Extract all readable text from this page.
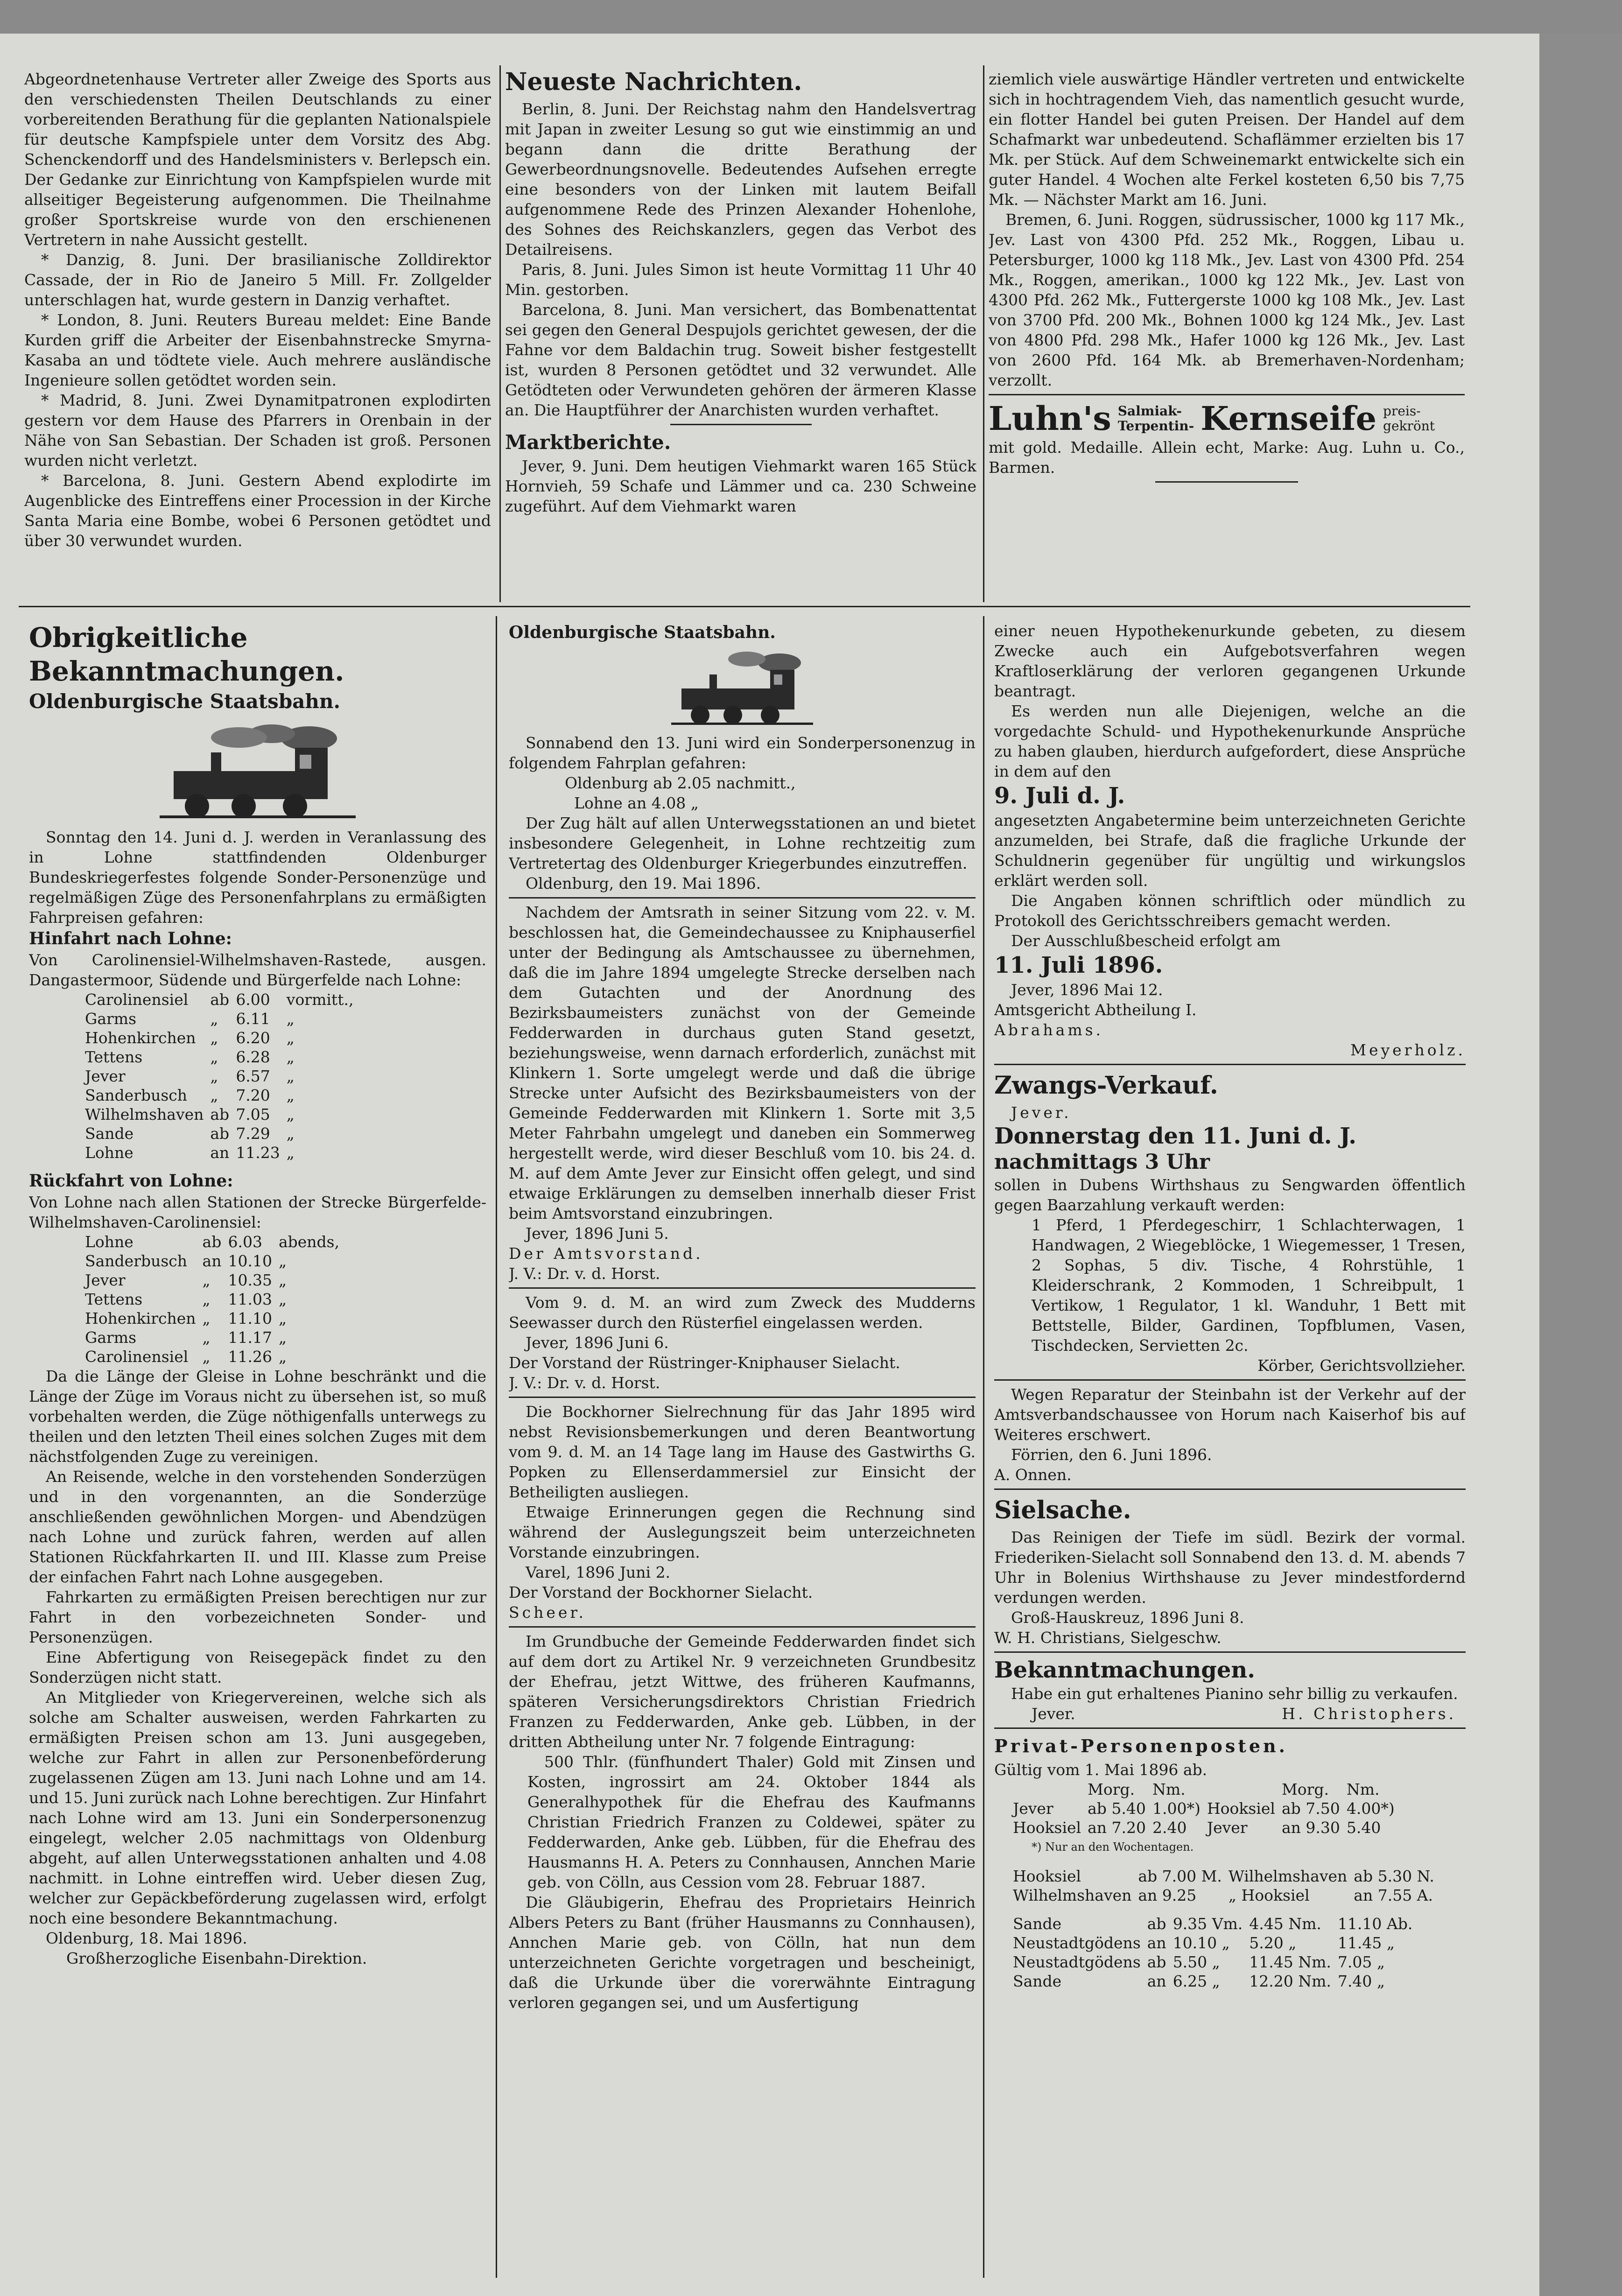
Abgeordnetenhause Vertreter aller Zweige des Sports aus den verschiedensten Theilen Deutschlands zu einer vorbereitenden Berathung für die geplanten Nationalspiele für deutsche Kampfspiele unter dem Vorsitz des Abg. Schenckendorff und des Handelsministers v. Berlepsch ein. Der Gedanke zur Einrichtung von Kampfspielen wurde mit allseitiger Begeisterung aufgenommen. Die Theilnahme großer Sportskreise wurde von den erschienenen Vertretern in nahe Aussicht gestellt.

* Danzig, 8. Juni. Der brasilianische Zolldirektor Cassade, der in Rio de Janeiro 5 Mill. Fr. Zollgelder unterschlagen hat, wurde gestern in Danzig verhaftet.

* London, 8. Juni. Reuters Bureau meldet: Eine Bande Kurden griff die Arbeiter der Eisenbahnstrecke Smyrna-Kasaba an und tödtete viele. Auch mehrere ausländische Ingenieure sollen getödtet worden sein.

* Madrid, 8. Juni. Zwei Dynamitpatronen explodirten gestern vor dem Hause des Pfarrers in Orenbain in der Nähe von San Sebastian. Der Schaden ist groß. Personen wurden nicht verletzt.

* Barcelona, 8. Juni. Gestern Abend explodirte im Augenblicke des Eintreffens einer Procession in der Kirche Santa Maria eine Bombe, wobei 6 Personen getödtet und über 30 verwundet wurden.

Neueste Nachrichten.

Berlin, 8. Juni. Der Reichstag nahm den Handelsvertrag mit Japan in zweiter Lesung so gut wie einstimmig an und begann dann die dritte Berathung der Gewerbeordnungsnovelle. Bedeutendes Aufsehen erregte eine besonders von der Linken mit lautem Beifall aufgenommene Rede des Prinzen Alexander Hohenlohe, des Sohnes des Reichskanzlers, gegen das Verbot des Detailreisens.

Paris, 8. Juni. Jules Simon ist heute Vormittag 11 Uhr 40 Min. gestorben.

Barcelona, 8. Juni. Man versichert, das Bombenattentat sei gegen den General Despujols gerichtet gewesen, der die Fahne vor dem Baldachin trug. Soweit bisher festgestellt ist, wurden 8 Personen getödtet und 32 verwundet. Alle Getödteten oder Verwundeten gehören der ärmeren Klasse an. Die Hauptführer der Anarchisten wurden verhaftet.

Marktberichte.

Jever, 9. Juni. Dem heutigen Viehmarkt waren 165 Stück Hornvieh, 59 Schafe und Lämmer und ca. 230 Schweine zugeführt. Auf dem Viehmarkt waren

ziemlich viele auswärtige Händler vertreten und entwickelte sich in hochtragendem Vieh, das namentlich gesucht wurde, ein flotter Handel bei guten Preisen. Der Handel auf dem Schafmarkt war unbedeutend. Schaflämmer erzielten bis 17 Mk. per Stück. Auf dem Schweinemarkt entwickelte sich ein guter Handel. 4 Wochen alte Ferkel kosteten 6,50 bis 7,75 Mk. — Nächster Markt am 16. Juni.

Bremen, 6. Juni. Roggen, südrussischer, 1000 kg 117 Mk., Jev. Last von 4300 Pfd. 252 Mk., Roggen, Libau u. Petersburger, 1000 kg 118 Mk., Jev. Last von 4300 Pfd. 254 Mk., Roggen, amerikan., 1000 kg 122 Mk., Jev. Last von 4300 Pfd. 262 Mk., Futtergerste 1000 kg 108 Mk., Jev. Last von 3700 Pfd. 200 Mk., Bohnen 1000 kg 124 Mk., Jev. Last von 4800 Pfd. 298 Mk., Hafer 1000 kg 126 Mk., Jev. Last von 2600 Pfd. 164 Mk. ab Bremerhaven-Nordenham; verzollt.

Luhn's Salmiak-
Terpentin- Kernseife preis-
gekrönt

mit gold. Medaille. Allein echt, Marke: Aug. Luhn u. Co., Barmen.

Obrigkeitliche Bekanntmachungen.

Oldenburgische Staatsbahn.

Sonntag den 14. Juni d. J. werden in Veranlassung des in Lohne stattfindenden Oldenburger Bundeskriegerfestes folgende Sonder-Personenzüge und regelmäßigen Züge des Personenfahrplans zu ermäßigten Fahrpreisen gefahren:

Hinfahrt nach Lohne:

Von Carolinensiel-Wilhelmshaven-Rastede, ausgen. Dangastermoor, Südende und Bürgerfelde nach Lohne:

Carolinensiel	ab	6.00	vormitt.,
Garms	„	6.11	„
Hohenkirchen	„	6.20	„
Tettens	„	6.28	„
Jever	„	6.57	„
Sanderbusch	„	7.20	„
Wilhelmshaven	ab	7.05	„
Sande	ab	7.29	„
Lohne	an	11.23	„

Rückfahrt von Lohne:

Von Lohne nach allen Stationen der Strecke Bürgerfelde-Wilhelmshaven-Carolinensiel:

Lohne	ab	6.03	abends,
Sanderbusch	an	10.10	„
Jever	„	10.35	„
Tettens	„	11.03	„
Hohenkirchen	„	11.10	„
Garms	„	11.17	„
Carolinensiel	„	11.26	„

Da die Länge der Gleise in Lohne beschränkt und die Länge der Züge im Voraus nicht zu übersehen ist, so muß vorbehalten werden, die Züge nöthigenfalls unterwegs zu theilen und den letzten Theil eines solchen Zuges mit dem nächstfolgenden Zuge zu vereinigen.

An Reisende, welche in den vorstehenden Sonderzügen und in den vorgenannten, an die Sonderzüge anschließenden gewöhnlichen Morgen- und Abendzügen nach Lohne und zurück fahren, werden auf allen Stationen Rückfahrkarten II. und III. Klasse zum Preise der einfachen Fahrt nach Lohne ausgegeben.

Fahrkarten zu ermäßigten Preisen berechtigen nur zur Fahrt in den vorbezeichneten Sonder- und Personenzügen.

Eine Abfertigung von Reisegepäck findet zu den Sonderzügen nicht statt.

An Mitglieder von Kriegervereinen, welche sich als solche am Schalter ausweisen, werden Fahrkarten zu ermäßigten Preisen schon am 13. Juni ausgegeben, welche zur Fahrt in allen zur Personenbeförderung zugelassenen Zügen am 13. Juni nach Lohne und am 14. und 15. Juni zurück nach Lohne berechtigen. Zur Hinfahrt nach Lohne wird am 13. Juni ein Sonderpersonenzug eingelegt, welcher 2.05 nachmittags von Oldenburg abgeht, auf allen Unterwegsstationen anhalten und 4.08 nachmitt. in Lohne eintreffen wird. Ueber diesen Zug, welcher zur Gepäckbeförderung zugelassen wird, erfolgt noch eine besondere Bekanntmachung.

Oldenburg, 18. Mai 1896.

Großherzogliche Eisenbahn-Direktion.

Oldenburgische Staatsbahn.

Sonnabend den 13. Juni wird ein Sonderpersonenzug in folgendem Fahrplan gefahren:

Oldenburg ab 2.05 nachmitt.,

Lohne an 4.08 „

Der Zug hält auf allen Unterwegsstationen an und bietet insbesondere Gelegenheit, in Lohne rechtzeitig zum Vertretertag des Oldenburger Kriegerbundes einzutreffen.

Oldenburg, den 19. Mai 1896.

Nachdem der Amtsrath in seiner Sitzung vom 22. v. M. beschlossen hat, die Gemeindechaussee zu Kniphauserfiel unter der Bedingung als Amtschaussee zu übernehmen, daß die im Jahre 1894 umgelegte Strecke derselben nach dem Gutachten und der Anordnung des Bezirksbaumeisters zunächst von der Gemeinde Fedderwarden in durchaus guten Stand gesetzt, beziehungsweise, wenn darnach erforderlich, zunächst mit Klinkern 1. Sorte umgelegt werde und daß die übrige Strecke unter Aufsicht des Bezirksbaumeisters von der Gemeinde Fedderwarden mit Klinkern 1. Sorte mit 3,5 Meter Fahrbahn umgelegt und daneben ein Sommerweg hergestellt werde, wird dieser Beschluß vom 10. bis 24. d. M. auf dem Amte Jever zur Einsicht offen gelegt, und sind etwaige Erklärungen zu demselben innerhalb dieser Frist beim Amtsvorstand einzubringen.

Jever, 1896 Juni 5.

Der Amtsvorstand.

J. V.: Dr. v. d. Horst.

Vom 9. d. M. an wird zum Zweck des Mudderns Seewasser durch den Rüsterfiel eingelassen werden.

Jever, 1896 Juni 6.

Der Vorstand der Rüstringer-Kniphauser Sielacht.

J. V.: Dr. v. d. Horst.

Die Bockhorner Sielrechnung für das Jahr 1895 wird nebst Revisionsbemerkungen und deren Beantwortung vom 9. d. M. an 14 Tage lang im Hause des Gastwirths G. Popken zu Ellenserdammersiel zur Einsicht der Betheiligten ausliegen.

Etwaige Erinnerungen gegen die Rechnung sind während der Auslegungszeit beim unterzeichneten Vorstande einzubringen.

Varel, 1896 Juni 2.

Der Vorstand der Bockhorner Sielacht.

Scheer.

Im Grundbuche der Gemeinde Fedderwarden findet sich auf dem dort zu Artikel Nr. 9 verzeichneten Grundbesitz der Ehefrau, jetzt Wittwe, des früheren Kaufmanns, späteren Versicherungsdirektors Christian Friedrich Franzen zu Fedderwarden, Anke geb. Lübben, in der dritten Abtheilung unter Nr. 7 folgende Eintragung:

500 Thlr. (fünfhundert Thaler) Gold mit Zinsen und Kosten, ingrossirt am 24. Oktober 1844 als Generalhypothek für die Ehefrau des Kaufmanns Christian Friedrich Franzen zu Coldewei, später zu Fedderwarden, Anke geb. Lübben, für die Ehefrau des Hausmanns H. A. Peters zu Connhausen, Annchen Marie geb. von Cölln, aus Cession vom 28. Februar 1887.

Die Gläubigerin, Ehefrau des Proprietairs Heinrich Albers Peters zu Bant (früher Hausmanns zu Connhausen), Annchen Marie geb. von Cölln, hat nun dem unterzeichneten Gerichte vorgetragen und bescheinigt, daß die Urkunde über die vorerwähnte Eintragung verloren gegangen sei, und um Ausfertigung

einer neuen Hypothekenurkunde gebeten, zu diesem Zwecke auch ein Aufgebotsverfahren wegen Kraftloserklärung der verloren gegangenen Urkunde beantragt.

Es werden nun alle Diejenigen, welche an die vorgedachte Schuld- und Hypothekenurkunde Ansprüche zu haben glauben, hierdurch aufgefordert, diese Ansprüche in dem auf den

9. Juli d. J.

angesetzten Angabetermine beim unterzeichneten Gerichte anzumelden, bei Strafe, daß die fragliche Urkunde der Schuldnerin gegenüber für ungültig und wirkungslos erklärt werden soll.

Die Angaben können schriftlich oder mündlich zu Protokoll des Gerichtsschreibers gemacht werden.

Der Ausschlußbescheid erfolgt am

11. Juli 1896.

Jever, 1896 Mai 12.

Amtsgericht Abtheilung I.

Abrahams.

Meyerholz.

Zwangs-Verkauf.

Jever.

Donnerstag den 11. Juni d. J.

nachmittags 3 Uhr

sollen in Dubens Wirthshaus zu Sengwarden öffentlich gegen Baarzahlung verkauft werden:

1 Pferd, 1 Pferdegeschirr, 1 Schlachterwagen, 1 Handwagen, 2 Wiegeblöcke, 1 Wiegemesser, 1 Tresen, 2 Sophas, 5 div. Tische, 4 Rohrstühle, 1 Kleiderschrank, 2 Kommoden, 1 Schreibpult, 1 Vertikow, 1 Regulator, 1 kl. Wanduhr, 1 Bett mit Bettstelle, Bilder, Gardinen, Topfblumen, Vasen, Tischdecken, Servietten 2c.

Körber, Gerichtsvollzieher.

Wegen Reparatur der Steinbahn ist der Verkehr auf der Amtsverbandschaussee von Horum nach Kaiserhof bis auf Weiteres erschwert.

Förrien, den 6. Juni 1896.

A. Onnen.

Sielsache.

Das Reinigen der Tiefe im südl. Bezirk der vormal. Friederiken-Sielacht soll Sonnabend den 13. d. M. abends 7 Uhr in Bolenius Wirthshause zu Jever mindestfordernd verdungen werden.

Groß-Hauskreuz, 1896 Juni 8.

W. H. Christians, Sielgeschw.

Bekanntmachungen.

Habe ein gut erhaltenes Pianino sehr billig zu verkaufen.

Jever.	H. Christophers.

Privat-Personenposten.

Gültig vom 1. Mai 1896 ab.

	Morg.	Nm.		Morg.	Nm.
Jever	ab 5.40	1.00*)	Hooksiel	ab 7.50	4.00*)
Hooksiel	an 7.20	2.40	Jever	an 9.30	5.40

*) Nur an den Wochentagen.

Hooksiel	ab 7.00 M.	Wilhelmshaven	ab 5.30 N.
Wilhelmshaven	an 9.25	„ Hooksiel	an 7.55 A.
Sande	ab	9.35 Vm.	4.45 Nm.	11.10 Ab.
Neustadtgödens	an	10.10 „	5.20 „	11.45 „
Neustadtgödens	ab	5.50 „	11.45 Nm.	7.05 „
Sande	an	6.25 „	12.20 Nm.	7.40 „
